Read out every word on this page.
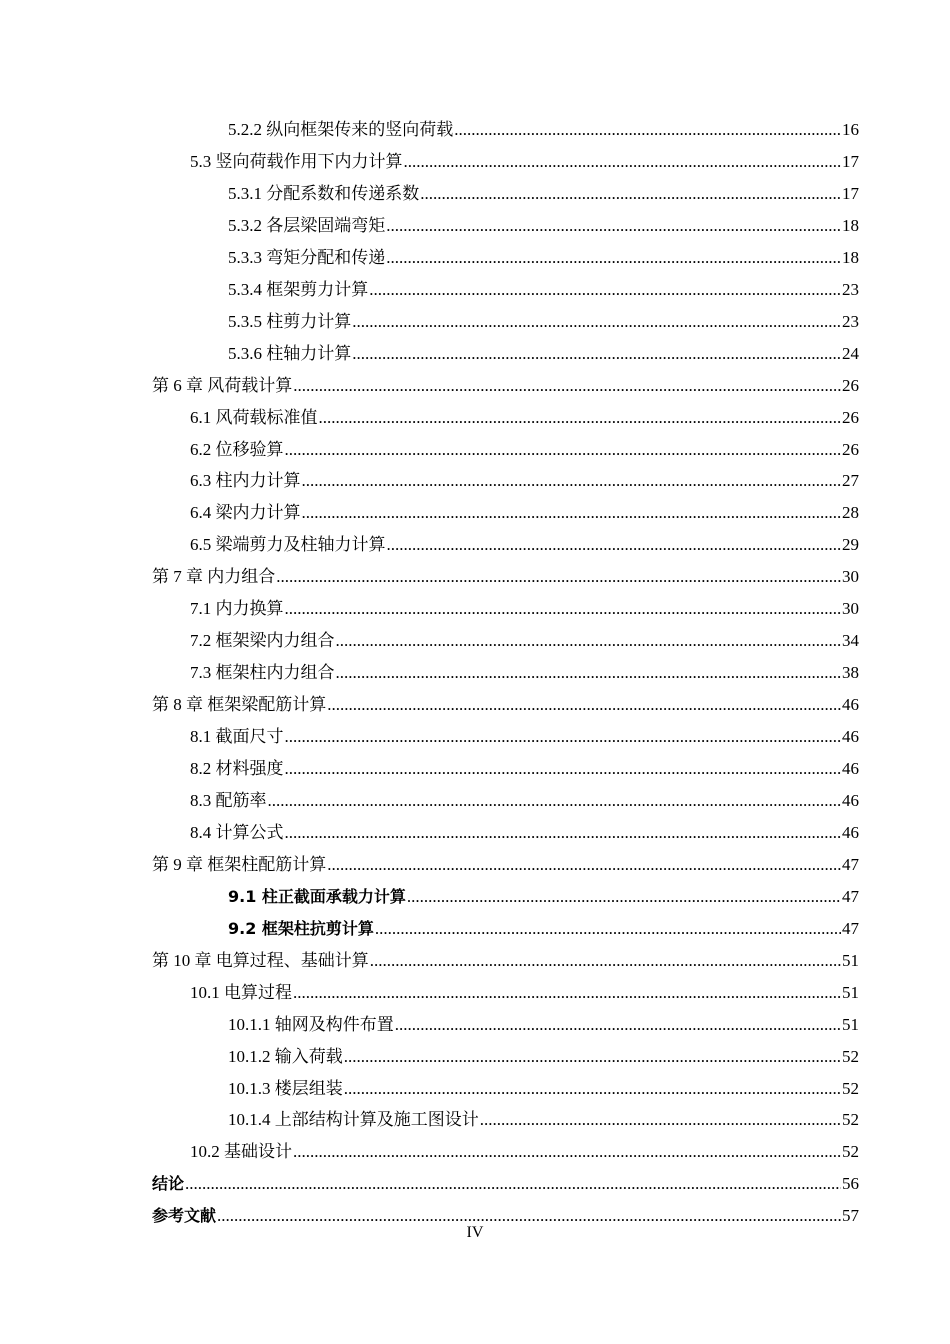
5.2.2 纵向框架传来的竖向荷载 .....	16
5.3 竖向荷载作用下内力计算 .....	17
5.3.1 分配系数和传递系数 .....	17
5.3.2 各层梁固端弯矩 .....	18
5.3.3 弯矩分配和传递 .....	18
5.3.4 框架剪力计算 .....	23
5.3.5 柱剪力计算 .....	23
5.3.6 柱轴力计算 .....	24
第 6 章 风荷载计算 .....	26
6.1 风荷载标准值 .....	26
6.2 位移验算 .....	26
6.3 柱内力计算 .....	27
6.4 梁内力计算 .....	28
6.5 梁端剪力及柱轴力计算 .....	29
第 7 章 内力组合 .....	30
7.1 内力换算 .....	30
7.2 框架梁内力组合 .....	34
7.3 框架柱内力组合 .....	38
第 8 章 框架梁配筋计算 .....	46
8.1 截面尺寸 .....	46
8.2 材料强度 .....	46
8.3 配筋率 .....	46
8.4 计算公式 .....	46
第 9 章 框架柱配筋计算 .....	47
9.1 柱正截面承载力计算 .....	47
9.2 框架柱抗剪计算 .....	47
第 10 章 电算过程、基础计算 .....	51
10.1 电算过程 .....	51
10.1.1 轴网及构件布置 .....	51
10.1.2 输入荷载 .....	52
10.1.3 楼层组装 .....	52
10.1.4 上部结构计算及施工图设计 .....	52
10.2 基础设计 .....	52
结论 .....	56
参考文献 .....	57
IV
